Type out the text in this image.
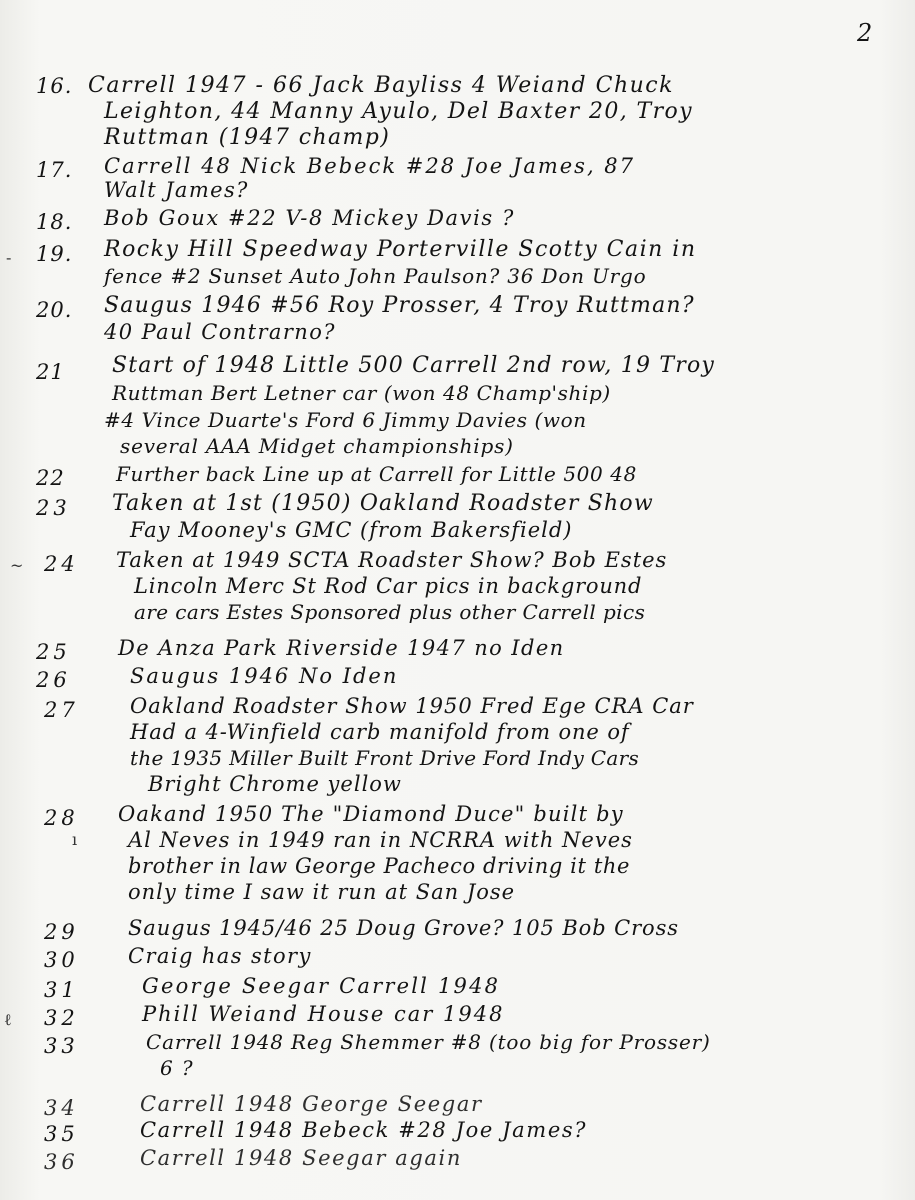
2
16. Carrell 1947 - 66 Jack Bayliss 4 Weiand Chuck
Leighton, 44 Manny Ayulo, Del Baxter 20, Troy
Ruttman (1947 champ)
17. Carrell 48 Nick Bebeck #28 Joe James, 87
Walt James?
18. Bob Goux #22 V-8 Mickey Davis ?
- 19. Rocky Hill Speedway Porterville Scotty Cain in
fence #2 Sunset Auto John Paulson? 36 Don Urgo
20. Saugus 1946 #56 Roy Prosser, 4 Troy Ruttman?
40 Paul Contrarno?
21 Start of 1948 Little 500 Carrell 2nd row, 19 Troy
Ruttman Bert Letner car (won 48 Champ'ship)
#4 Vince Duarte's Ford 6 Jimmy Davies (won
several AAA Midget championships)
22	Further back Line up at Carrell for Little 500 48
23 Taken at 1st (1950) Oakland Roadster Show
Fay Mooney's GMC (from Bakersfield)
~ 24 Taken at 1949 SCTA Roadster Show? Bob Estes
Lincoln Merc St Rod Car pics in background
are cars Estes Sponsored plus other Carrell pics
25 De Anza Park Riverside 1947 no Iden
26	Saugus 1946 No Iden
27 Oakland Roadster Show 1950 Fred Ege CRA Car
Had a 4-Winfield carb manifold from one of
the 1935 Miller Built Front Drive Ford Indy Cars
Bright Chrome yellow
28
ı
Oakand 1950 The "Diamond Duce" built by
Al Neves in 1949 ran in NCRRA with Neves
brother in law George Pacheco driving it the
only time I saw it run at San Jose
29 Saugus 1945/46 25 Doug Grove? 105 Bob Cross
30 Craig has story
31	George Seegar Carrell 1948
ℓ 32	Phill Weiand House car 1948
33	Carrell 1948 Reg Shemmer #8 (too big for Prosser)
6 ?
34	Carrell 1948 George Seegar
35	Carrell 1948 Bebeck #28 Joe James?
36	Carrell 1948 Seegar again
